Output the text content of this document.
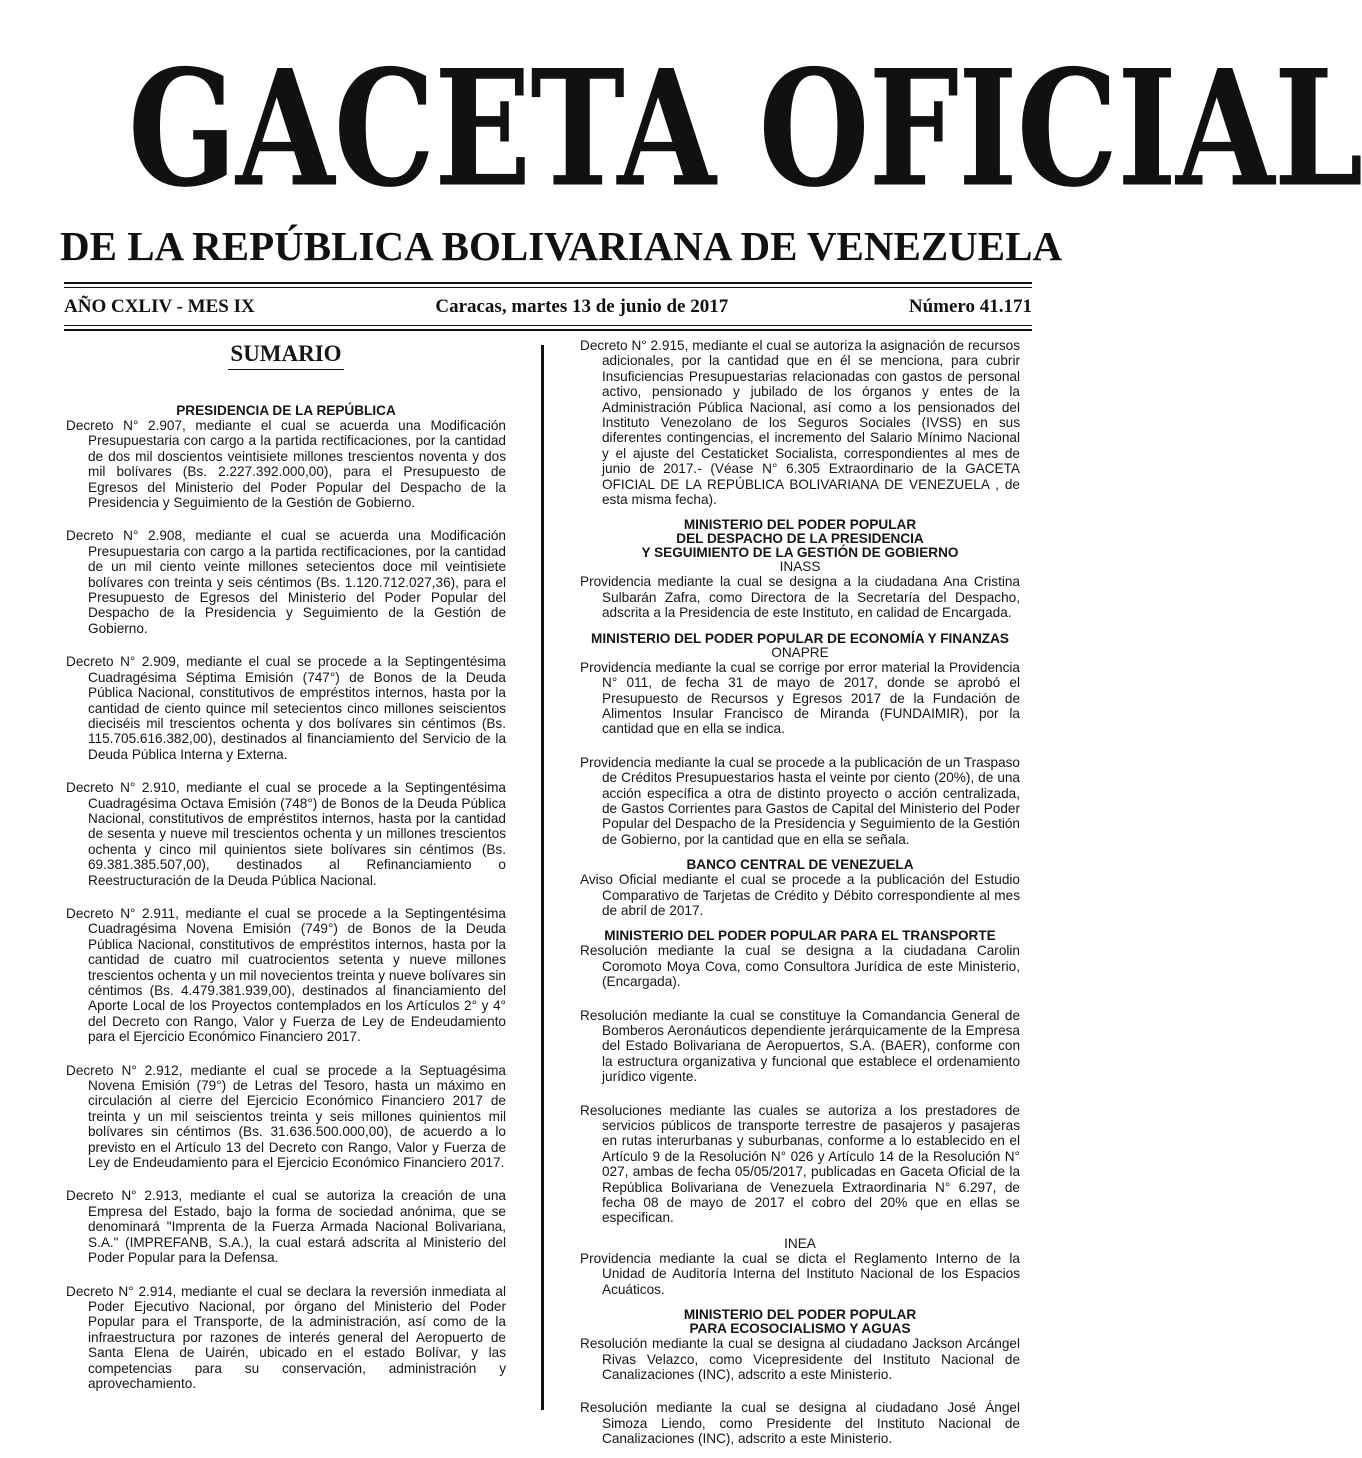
GACETA OFICIAL
DE LA REPÚBLICA BOLIVARIANA DE VENEZUELA
AÑO CXLIV - MES IX	Caracas, martes 13 de junio de 2017	Número 41.171
SUMARIO
PRESIDENCIA DE LA REPÚBLICA

Decreto N° 2.907, mediante el cual se acuerda una Modificación Presupuestaria con cargo a la partida rectificaciones, por la cantidad de dos mil doscientos veintisiete millones trescientos noventa y dos mil bolívares (Bs. 2.227.392.000,00), para el Presupuesto de Egresos del Ministerio del Poder Popular del Despacho de la Presidencia y Seguimiento de la Gestión de Gobierno.

Decreto N° 2.908, mediante el cual se acuerda una Modificación Presupuestaria con cargo a la partida rectificaciones, por la cantidad de un mil ciento veinte millones setecientos doce mil veintisiete bolívares con treinta y seis céntimos (Bs. 1.120.712.027,36), para el Presupuesto de Egresos del Ministerio del Poder Popular del Despacho de la Presidencia y Seguimiento de la Gestión de Gobierno.

Decreto N° 2.909, mediante el cual se procede a la Septingentésima Cuadragésima Séptima Emisión (747°) de Bonos de la Deuda Pública Nacional, constitutivos de empréstitos internos, hasta por la cantidad de ciento quince mil setecientos cinco millones seiscientos dieciséis mil trescientos ochenta y dos bolívares sin céntimos (Bs. 115.705.616.382,00), destinados al financiamiento del Servicio de la Deuda Pública Interna y Externa.

Decreto N° 2.910, mediante el cual se procede a la Septingentésima Cuadragésima Octava Emisión (748°) de Bonos de la Deuda Pública Nacional, constitutivos de empréstitos internos, hasta por la cantidad de sesenta y nueve mil trescientos ochenta y un millones trescientos ochenta y cinco mil quinientos siete bolívares sin céntimos (Bs. 69.381.385.507,00), destinados al Refinanciamiento o Reestructuración de la Deuda Pública Nacional.

Decreto N° 2.911, mediante el cual se procede a la Septingentésima Cuadragésima Novena Emisión (749°) de Bonos de la Deuda Pública Nacional, constitutivos de empréstitos internos, hasta por la cantidad de cuatro mil cuatrocientos setenta y nueve millones trescientos ochenta y un mil novecientos treinta y nueve bolívares sin céntimos (Bs. 4.479.381.939,00), destinados al financiamiento del Aporte Local de los Proyectos contemplados en los Artículos 2° y 4° del Decreto con Rango, Valor y Fuerza de Ley de Endeudamiento para el Ejercicio Económico Financiero 2017.

Decreto N° 2.912, mediante el cual se procede a la Septuagésima Novena Emisión (79°) de Letras del Tesoro, hasta un máximo en circulación al cierre del Ejercicio Económico Financiero 2017 de treinta y un mil seiscientos treinta y seis millones quinientos mil bolívares sin céntimos (Bs. 31.636.500.000,00), de acuerdo a lo previsto en el Artículo 13 del Decreto con Rango, Valor y Fuerza de Ley de Endeudamiento para el Ejercicio Económico Financiero 2017.

Decreto N° 2.913, mediante el cual se autoriza la creación de una Empresa del Estado, bajo la forma de sociedad anónima, que se denominará "Imprenta de la Fuerza Armada Nacional Bolivariana, S.A." (IMPREFANB, S.A.), la cual estará adscrita al Ministerio del Poder Popular para la Defensa.

Decreto N° 2.914, mediante el cual se declara la reversión inmediata al Poder Ejecutivo Nacional, por órgano del Ministerio del Poder Popular para el Transporte, de la administración, así como de la infraestructura por razones de interés general del Aeropuerto de Santa Elena de Uairén, ubicado en el estado Bolívar, y las competencias para su conservación, administración y aprovechamiento.

Decreto N° 2.915, mediante el cual se autoriza la asignación de recursos adicionales, por la cantidad que en él se menciona, para cubrir Insuficiencias Presupuestarias relacionadas con gastos de personal activo, pensionado y jubilado de los órganos y entes de la Administración Pública Nacional, así como a los pensionados del Instituto Venezolano de los Seguros Sociales (IVSS) en sus diferentes contingencias, el incremento del Salario Mínimo Nacional y el ajuste del Cestaticket Socialista, correspondientes al mes de junio de 2017.- (Véase N° 6.305 Extraordinario de la GACETA OFICIAL DE LA REPÚBLICA BOLIVARIANA DE VENEZUELA , de esta misma fecha).

MINISTERIO DEL PODER POPULAR
DEL DESPACHO DE LA PRESIDENCIA
Y SEGUIMIENTO DE LA GESTIÓN DE GOBIERNO
INASS

Providencia mediante la cual se designa a la ciudadana Ana Cristina Sulbarán Zafra, como Directora de la Secretaría del Despacho, adscrita a la Presidencia de este Instituto, en calidad de Encargada.

MINISTERIO DEL PODER POPULAR DE ECONOMÍA Y FINANZAS
ONAPRE

Providencia mediante la cual se corrige por error material la Providencia N° 011, de fecha 31 de mayo de 2017, donde se aprobó el Presupuesto de Recursos y Egresos 2017 de la Fundación de Alimentos Insular Francisco de Miranda (FUNDAIMIR), por la cantidad que en ella se indica.

Providencia mediante la cual se procede a la publicación de un Traspaso de Créditos Presupuestarios hasta el veinte por ciento (20%), de una acción específica a otra de distinto proyecto o acción centralizada, de Gastos Corrientes para Gastos de Capital del Ministerio del Poder Popular del Despacho de la Presidencia y Seguimiento de la Gestión de Gobierno, por la cantidad que en ella se señala.

BANCO CENTRAL DE VENEZUELA

Aviso Oficial mediante el cual se procede a la publicación del Estudio Comparativo de Tarjetas de Crédito y Débito correspondiente al mes de abril de 2017.

MINISTERIO DEL PODER POPULAR PARA EL TRANSPORTE

Resolución mediante la cual se designa a la ciudadana Carolin Coromoto Moya Cova, como Consultora Jurídica de este Ministerio, (Encargada).

Resolución mediante la cual se constituye la Comandancia General de Bomberos Aeronáuticos dependiente jerárquicamente de la Empresa del Estado Bolivariana de Aeropuertos, S.A. (BAER), conforme con la estructura organizativa y funcional que establece el ordenamiento jurídico vigente.

Resoluciones mediante las cuales se autoriza a los prestadores de servicios públicos de transporte terrestre de pasajeros y pasajeras en rutas interurbanas y suburbanas, conforme a lo establecido en el Artículo 9 de la Resolución N° 026 y Artículo 14 de la Resolución N° 027, ambas de fecha 05/05/2017, publicadas en Gaceta Oficial de la República Bolivariana de Venezuela Extraordinaria N° 6.297, de fecha 08 de mayo de 2017 el cobro del 20% que en ellas se especifican.

INEA

Providencia mediante la cual se dicta el Reglamento Interno de la Unidad de Auditoría Interna del Instituto Nacional de los Espacios Acuáticos.

MINISTERIO DEL PODER POPULAR
PARA ECOSOCIALISMO Y AGUAS

Resolución mediante la cual se designa al ciudadano Jackson Arcángel Rivas Velazco, como Vicepresidente del Instituto Nacional de Canalizaciones (INC), adscrito a este Ministerio.

Resolución mediante la cual se designa al ciudadano José Ángel Simoza Liendo, como Presidente del Instituto Nacional de Canalizaciones (INC), adscrito a este Ministerio.
